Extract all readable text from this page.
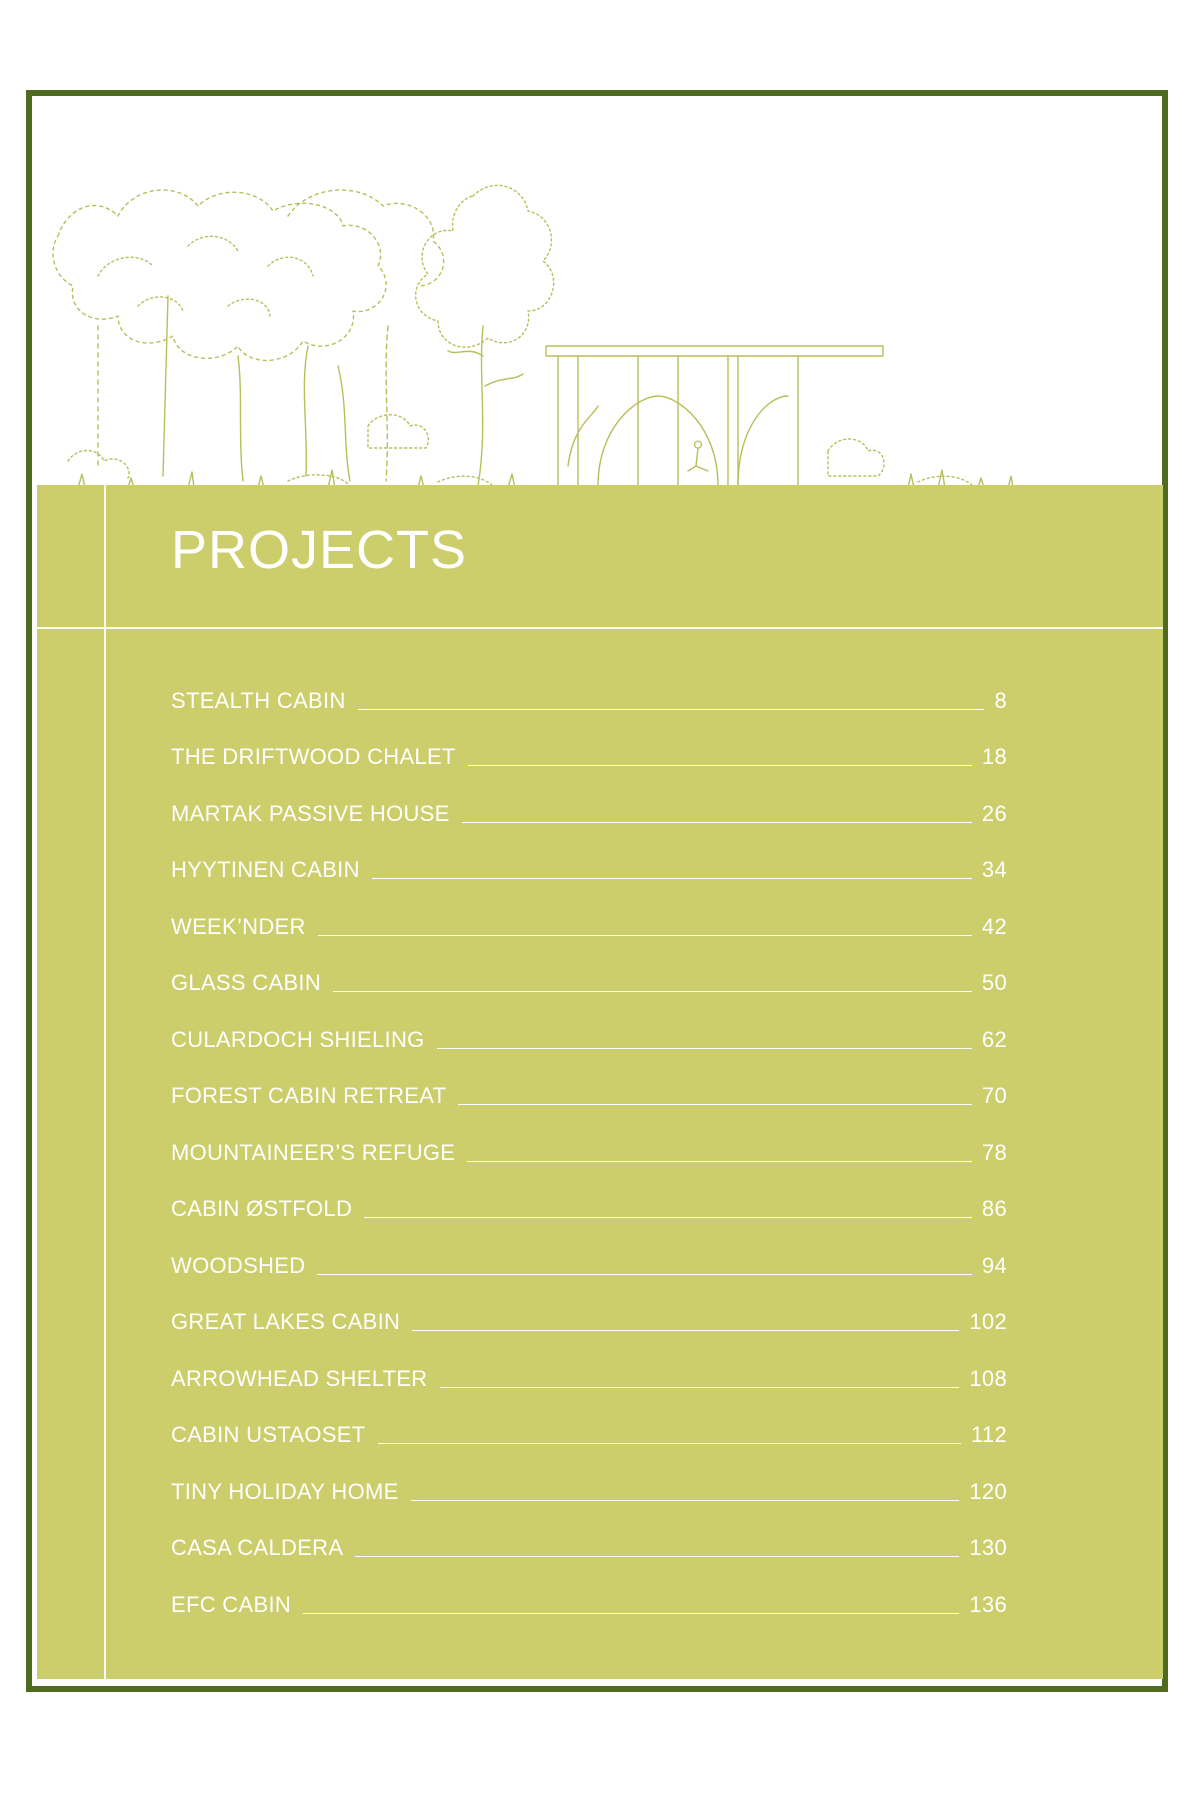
PROJECTS
STEALTH CABIN	8
THE DRIFTWOOD CHALET	18
MARTAK PASSIVE HOUSE	26
HYYTINEN CABIN	34
WEEK’NDER	42
GLASS CABIN	50
CULARDOCH SHIELING	62
FOREST CABIN RETREAT	70
MOUNTAINEER’S REFUGE	78
CABIN ØSTFOLD	86
WOODSHED	94
GREAT LAKES CABIN	102
ARROWHEAD SHELTER	108
CABIN USTAOSET	112
TINY HOLIDAY HOME	120
CASA CALDERA	130
EFC CABIN	136
